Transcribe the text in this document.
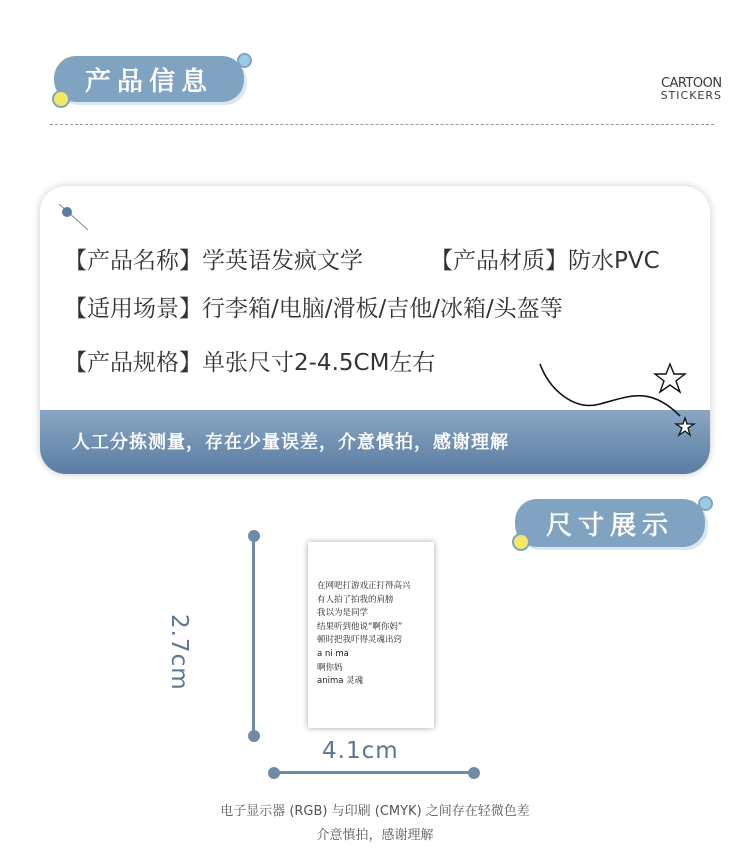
产品信息	CARTOON
STICKERS
【产品名称】学英语发疯文学	【产品材质】防水PVC
【适用场景】行李箱/电脑/滑板/吉他/冰箱/头盔等
【产品规格】单张尺寸2-4.5CM左右
人工分拣测量，存在少量误差，介意慎拍，感谢理解
尺寸展示
2.7cm
在网吧打游戏正打得高兴
有人拍了拍我的肩膀
我以为是同学
结果听到他说“啊你妈”
顿时把我吓得灵魂出窍
a ni ma
啊你妈
anima 灵魂
4.1cm
电子显示器 (RGB) 与印刷 (CMYK) 之间存在轻微色差
介意慎拍，感谢理解
